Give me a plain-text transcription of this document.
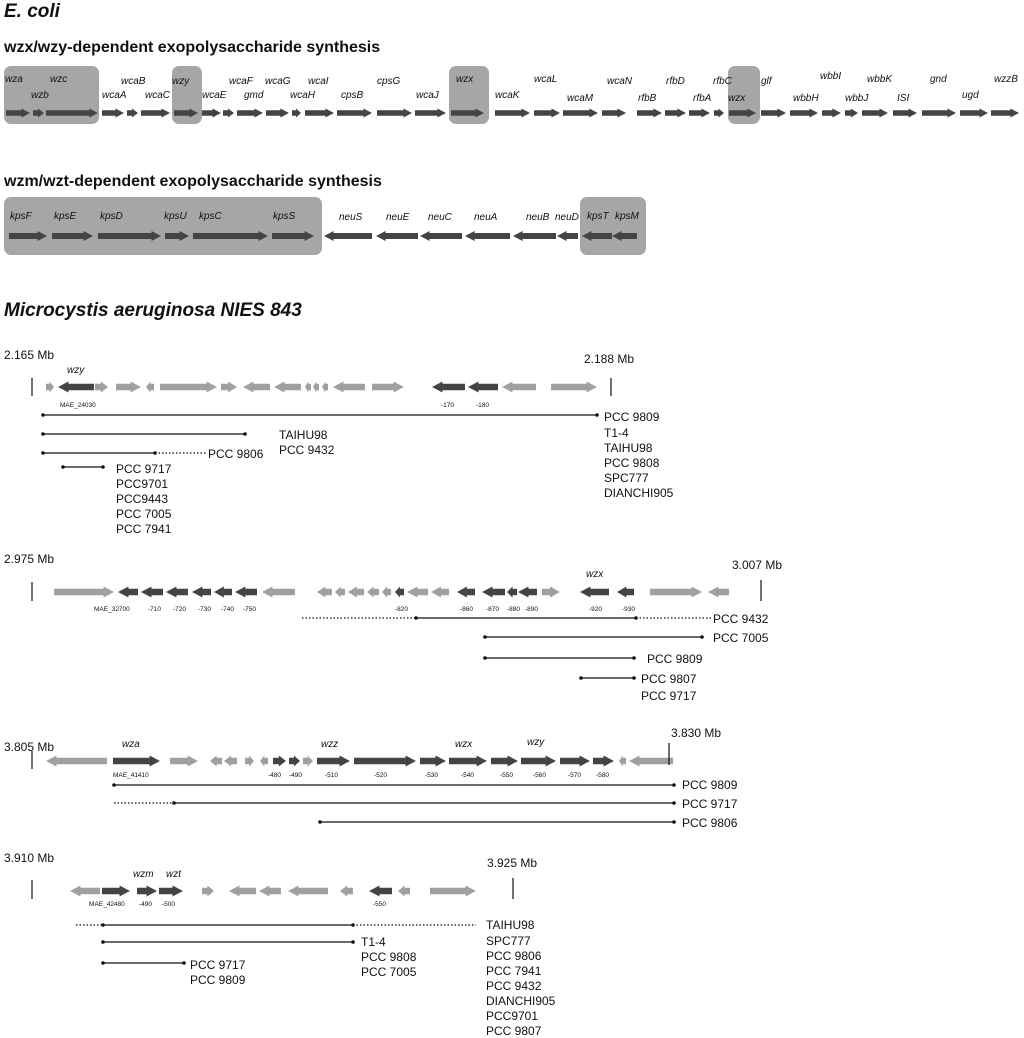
E. coli
wzx/wzy-dependent exopolysaccharide synthesis
wzm/wzt-dependent exopolysaccharide synthesis
Microcystis aeruginosa NIES 843
2.165 Mb	2.188 Mb
wzy
MAE_24030	-170	-180
PCC 9809
T1-4
TAIHU98
PCC 9808
SPC777
DIANCHI905
TAIHU98
PCC 9432
PCC 9806
PCC 9717
PCC9701
PCC9443
PCC 7005
PCC 7941
2.975 Mb	3.007 Mb
wzx
MAE_32700	-710 -720 -730 -740 -750	-820	-860 -870 -880 -890	-920	-930
PCC 9432
PCC 7005
PCC 9809
PCC 9807
PCC 9717
3.805 Mb
3.830 Mb
wza	wzz	wzx	wzy
MAE_41410	-480 -490	-510	-520	-530	-540	-550	-560	-570 -580
PCC 9809
PCC 9717
PCC 9806
3.910 Mb	3.925 Mb
wzm wzt
MAE_42480 -490 -500	-550
TAIHU98
SPC777
PCC 9806
PCC 7941
PCC 9432
DIANCHI905
PCC9701
PCC 9807
T1-4
PCC 9808
PCC 7005
PCC 9717
PCC 9809
wza
wzb
wzc
wcaA
wcaB
wcaC
wzy
wcaE
wcaF
gmd
wcaG
wcaH
wcaI
cpsB
cpsG
wcaJ
wzx
wcaK
wcaL
wcaM
wcaN
rfbB
rfbD
rfbA
rfbC
wzx
glf
wbbH
wbbI
wbbJ
wbbK
ISI
gnd
ugd
wzzB
kpsF kpsE kpsD	kpsU kpsC	kpsS	neuS neuE neuC neuA	neuB neuD kpsT kpsM
